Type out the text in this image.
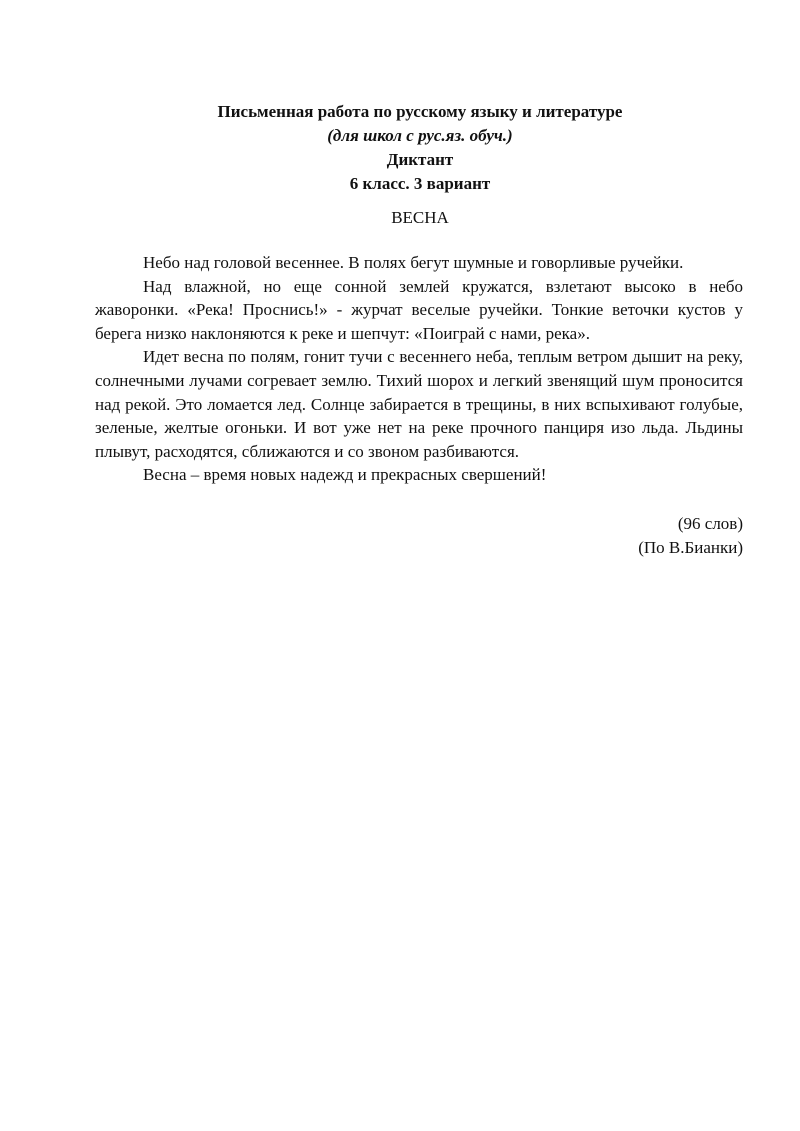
Письменная работа по русскому языку и литературе
(для школ с рус.яз. обуч.)
Диктант
6 класс. 3 вариант
ВЕСНА

Небо над головой весеннее. В полях бегут шумные и говорливые ручейки.

Над влажной, но еще сонной землей кружатся, взлетают высоко в небо жаворонки. «Река! Проснись!» - журчат веселые ручейки. Тонкие веточки кустов у берега низко наклоняются к реке и шепчут: «Поиграй с нами, река».

Идет весна по полям, гонит тучи с весеннего неба, теплым ветром дышит на реку, солнечными лучами согревает землю. Тихий шорох и легкий звенящий шум проносится над рекой. Это ломается лед. Солнце забирается в трещины, в них вспыхивают голубые, зеленые, желтые огоньки. И вот уже нет на реке прочного панциря изо льда. Льдины плывут, расходятся, сближаются и со звоном разбиваются.

Весна – время новых надежд и прекрасных свершений!

(96 слов)
(По В.Бианки)
